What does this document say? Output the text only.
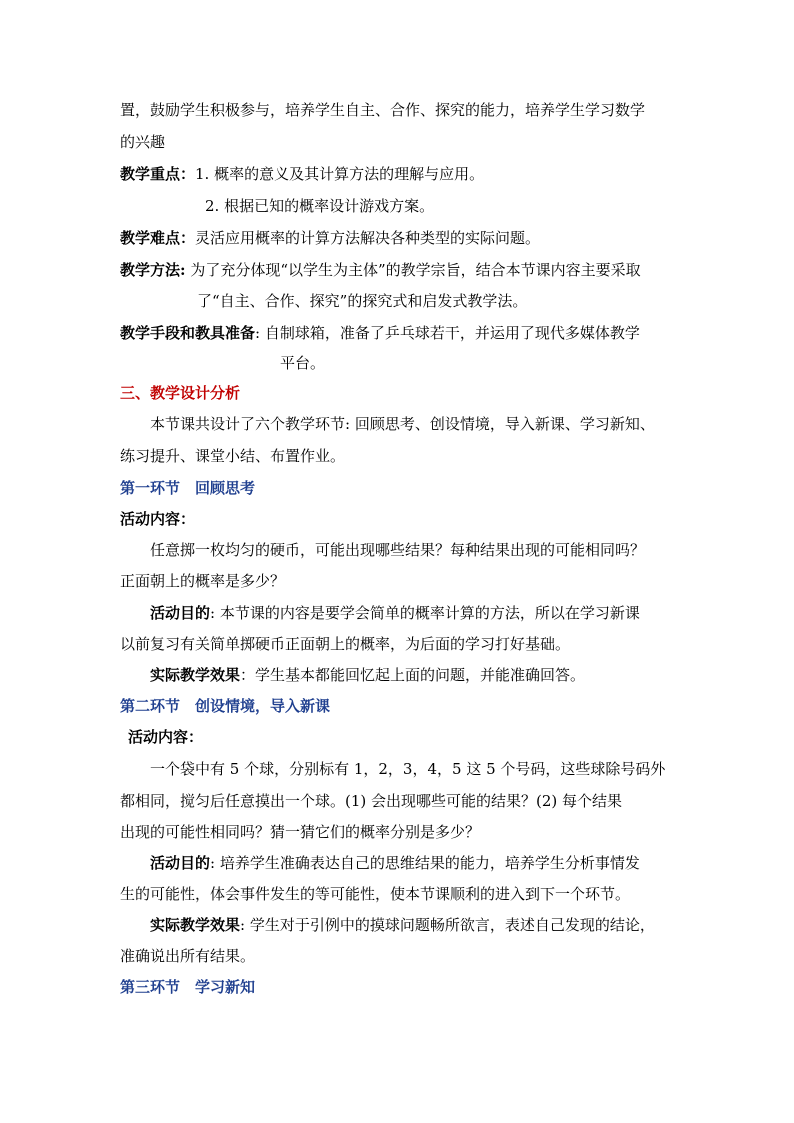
置，鼓励学生积极参与，培养学生自主、合作、探究的能力，培养学生学习数学
的兴趣
教学重点：1. 概率的意义及其计算方法的理解与应用。
2. 根据已知的概率设计游戏方案。
教学难点：灵活应用概率的计算方法解决各种类型的实际问题。
教学方法: 为了充分体现“以学生为主体”的教学宗旨，结合本节课内容主要采取
了“自主、合作、探究”的探究式和启发式教学法。
教学手段和教具准备: 自制球箱，准备了乒乓球若干，并运用了现代多媒体教学
平台。
三、教学设计分析
本节课共设计了六个教学环节: 回顾思考、创设情境，导入新课、学习新知、
练习提升、课堂小结、布置作业。
第一环节　回顾思考
活动内容：
任意掷一枚均匀的硬币，可能出现哪些结果？每种结果出现的可能相同吗？
正面朝上的概率是多少？
活动目的: 本节课的内容是要学会简单的概率计算的方法，所以在学习新课
以前复习有关简单掷硬币正面朝上的概率，为后面的学习打好基础。
实际教学效果：学生基本都能回忆起上面的问题，并能准确回答。
第二环节　创设情境，导入新课
活动内容：
一个袋中有 5 个球，分别标有 1，2，3，4，5 这 5 个号码，这些球除号码外
都相同，搅匀后任意摸出一个球。(1) 会出现哪些可能的结果？(2) 每个结果
出现的可能性相同吗？猜一猜它们的概率分别是多少？
活动目的: 培养学生准确表达自己的思维结果的能力，培养学生分析事情发
生的可能性，体会事件发生的等可能性，使本节课顺利的进入到下一个环节。
实际教学效果: 学生对于引例中的摸球问题畅所欲言，表述自己发现的结论，
准确说出所有结果。
第三环节　学习新知
